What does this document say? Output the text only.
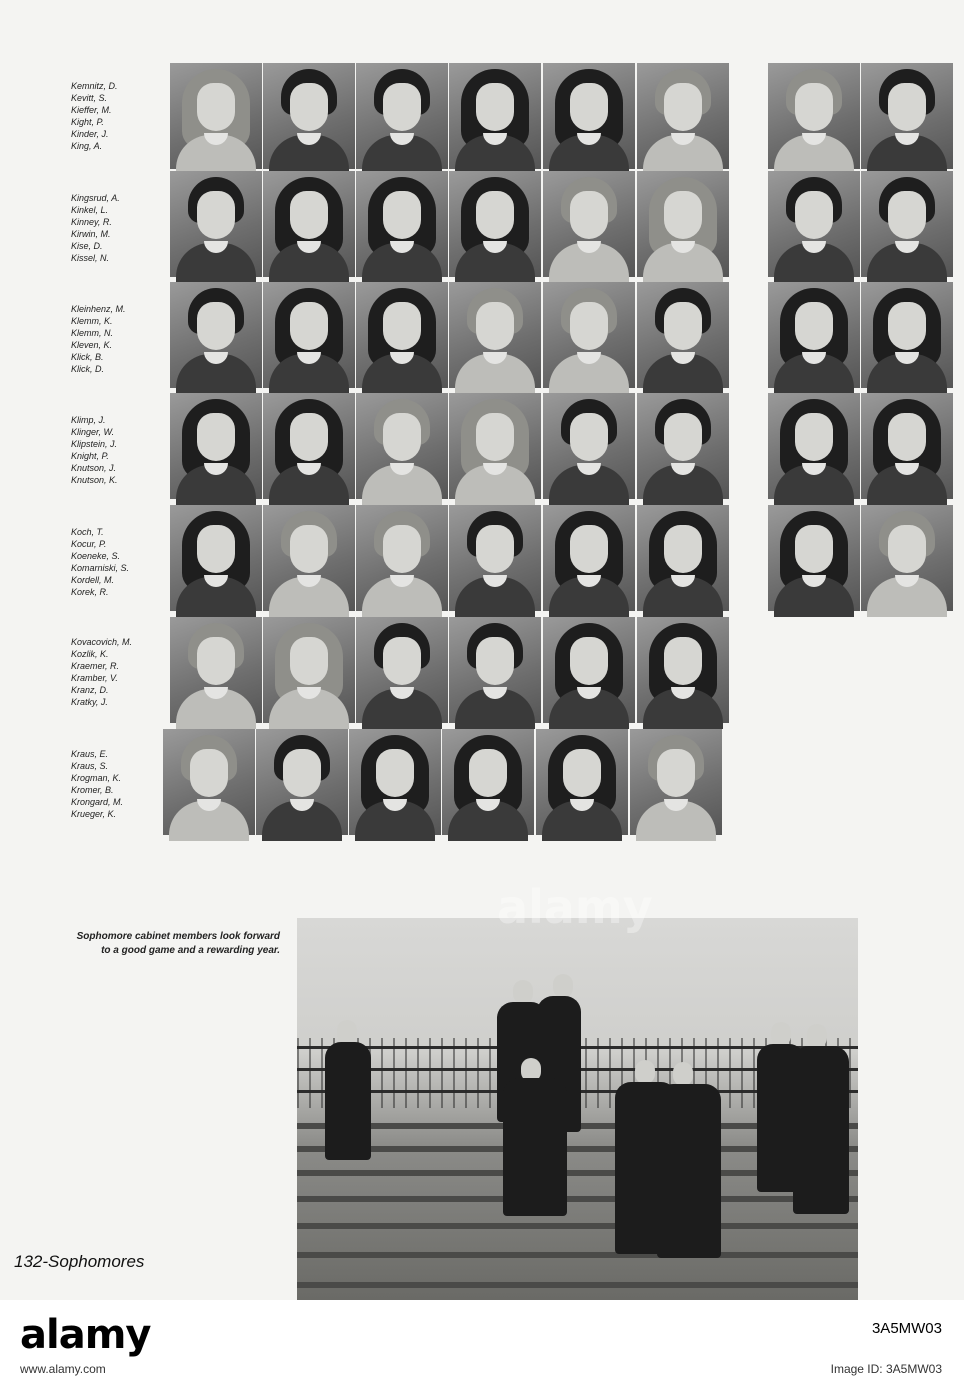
Kemnitz, D.
Kevitt, S.
Kieffer, M.
Kight, P.
Kinder, J.
King, A.
Kingsrud, A.
Kinkel, L.
Kinney, R.
Kirwin, M.
Kise, D.
Kissel, N.
Kleinhenz, M.
Klemm, K.
Klemm, N.
Kleven, K.
Klick, B.
Klick, D.
Klimp, J.
Klinger, W.
Klipstein, J.
Knight, P.
Knutson, J.
Knutson, K.
Koch, T.
Kocur, P.
Koeneke, S.
Komarniski, S.
Kordell, M.
Korek, R.
Kovacovich, M.
Kozlik, K.
Kraemer, R.
Kramber, V.
Kranz, D.
Kratky, J.
Kraus, E.
Kraus, S.
Krogman, K.
Kromer, B.
Krongard, M.
Krueger, K.
Sophomore cabinet members look forward
to a good game and a rewarding year.
alamy
132-Sophomores
alamy	3A5MW03
www.alamy.com	Image ID: 3A5MW03
